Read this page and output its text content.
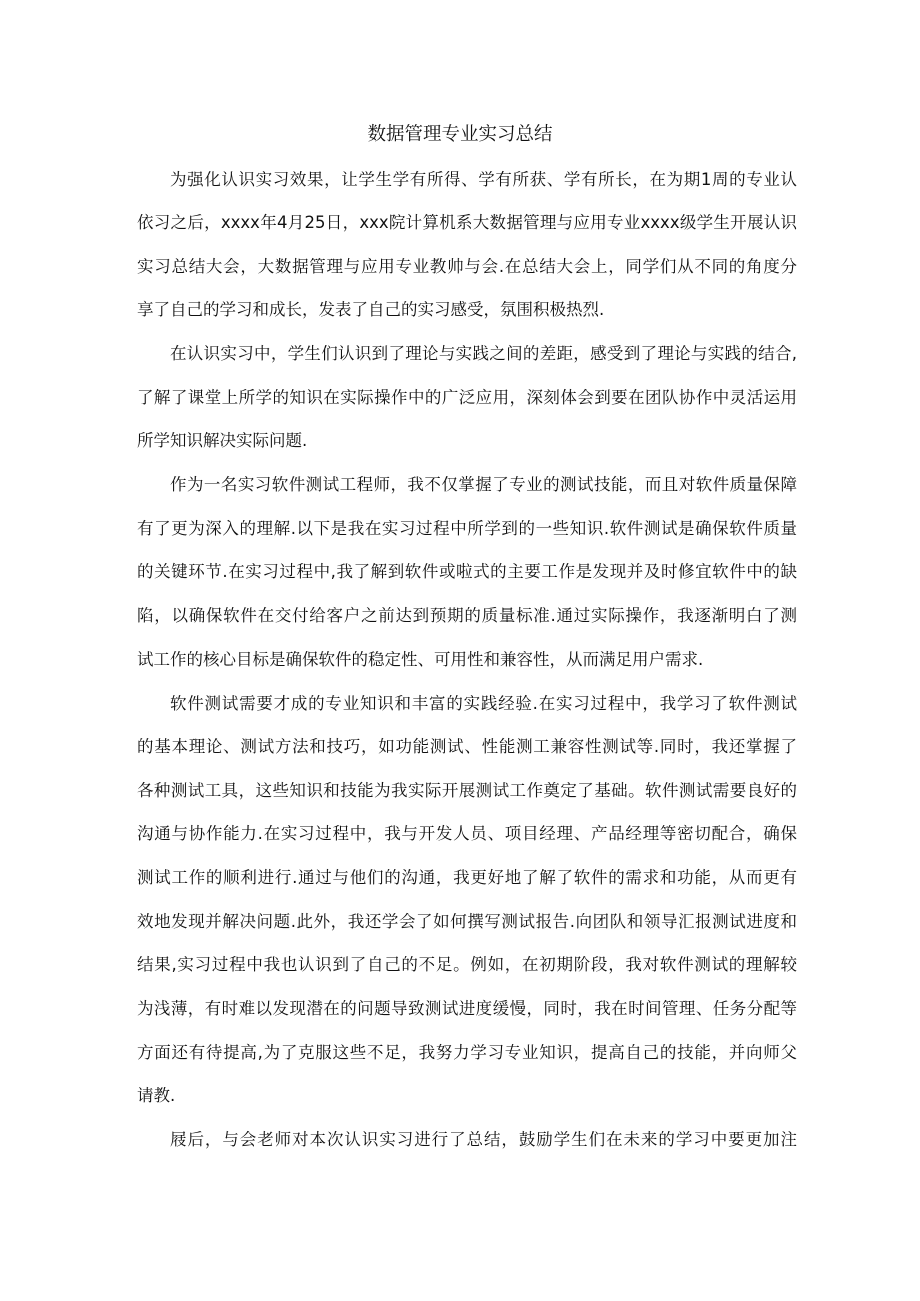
数据管理专业实习总结

为强化认识实习效果，让学生学有所得、学有所获、学有所长，在为期1周的专业认

依习之后，xxxx年4月25日，xxx院计算机系大数据管理与应用专业xxxx级学生开展认识

实习总结大会，大数据管理与应用专业教帅与会.在总结大会上，同学们从不同的角度分

享了自己的学习和成长，发表了自己的实习感受，氛围积极热烈.

在认识实习中，学生们认识到了理论与实践之间的差距，感受到了理论与实践的结合,

了解了课堂上所学的知识在实际操作中的广泛应用，深刻体会到要在团队协作中灵活运用

所学知识解决实际问题.

作为一名实习软件测试工程师，我不仅掌握了专业的测试技能，而且对软件质量保障

有了更为深入的理解.以下是我在实习过程中所学到的一些知识.软件测试是确保软件质量

的关键环节.在实习过程中,我了解到软件或啦式的主要工作是发现并及时修宜软件中的缺

陷，以确保软件在交付给客户之前达到预期的质量标准.通过实际操作，我逐渐明白了测

试工作的核心目标是确保软件的稳定性、可用性和兼容性，从而满足用户需求.

软件测试需要才成的专业知识和丰富的实践经验.在实习过程中，我学习了软件测试

的基本理论、测试方法和技巧，如功能测试、性能测工兼容性测试等.同时，我还掌握了

各种测试工具，这些知识和技能为我实际开展测试工作奠定了基础。软件测试需要良好的

沟通与协作能力.在实习过程中，我与开发人员、项目经理、产品经理等密切配合，确保

测试工作的顺利进行.通过与他们的沟通，我更好地了解了软件的需求和功能，从而更有

效地发现并解决问题.此外，我还学会了如何撰写测试报告.向团队和领导汇报测试进度和

结果,实习过程中我也认识到了自己的不足。例如，在初期阶段，我对软件测试的理解较

为浅薄，有时难以发现潜在的问题导致测试进度缓慢，同时，我在时间管理、任务分配等

方面还有待提高,为了克服这些不足，我努力学习专业知识，提高自己的技能，并向师父

请教.

屐后，与会老师对本次认识实习进行了总结，鼓励学生们在未来的学习中要更加注
